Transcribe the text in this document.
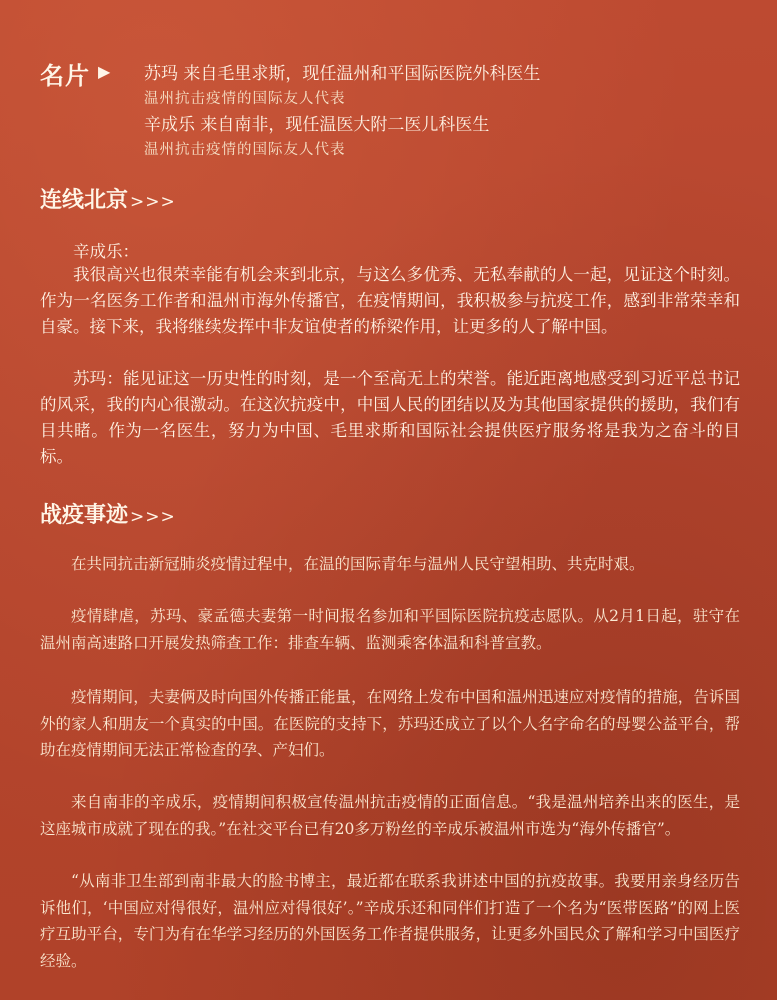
名片 ▶ 苏玛 来自毛里求斯，现任温州和平国际医院外科医生
温州抗击疫情的国际友人代表
辛成乐 来自南非，现任温医大附二医儿科医生
温州抗击疫情的国际友人代表
连线北京 >>>
辛成乐：
我很高兴也很荣幸能有机会来到北京，与这么多优秀、无私奉献的人一起，见证这个时刻。作为一名医务工作者和温州市海外传播官，在疫情期间，我积极参与抗疫工作，感到非常荣幸和自豪。接下来，我将继续发挥中非友谊使者的桥梁作用，让更多的人了解中国。
苏玛：能见证这一历史性的时刻，是一个至高无上的荣誉。能近距离地感受到习近平总书记的风采，我的内心很激动。在这次抗疫中，中国人民的团结以及为其他国家提供的援助，我们有目共睹。作为一名医生，努力为中国、毛里求斯和国际社会提供医疗服务将是我为之奋斗的目标。
战疫事迹 >>>
在共同抗击新冠肺炎疫情过程中，在温的国际青年与温州人民守望相助、共克时艰。
疫情肆虐，苏玛、豪孟德夫妻第一时间报名参加和平国际医院抗疫志愿队。从2月1日起，驻守在温州南高速路口开展发热筛查工作：排查车辆、监测乘客体温和科普宣教。
疫情期间，夫妻俩及时向国外传播正能量，在网络上发布中国和温州迅速应对疫情的措施，告诉国外的家人和朋友一个真实的中国。在医院的支持下，苏玛还成立了以个人名字命名的母婴公益平台，帮助在疫情期间无法正常检查的孕、产妇们。
来自南非的辛成乐，疫情期间积极宣传温州抗击疫情的正面信息。“我是温州培养出来的医生，是这座城市成就了现在的我。”在社交平台已有20多万粉丝的辛成乐被温州市选为“海外传播官”。
“从南非卫生部到南非最大的脸书博主，最近都在联系我讲述中国的抗疫故事。我要用亲身经历告诉他们，‘中国应对得很好，温州应对得很好’。”辛成乐还和同伴们打造了一个名为“医带医路”的网上医疗互助平台，专门为有在华学习经历的外国医务工作者提供服务，让更多外国民众了解和学习中国医疗经验。
